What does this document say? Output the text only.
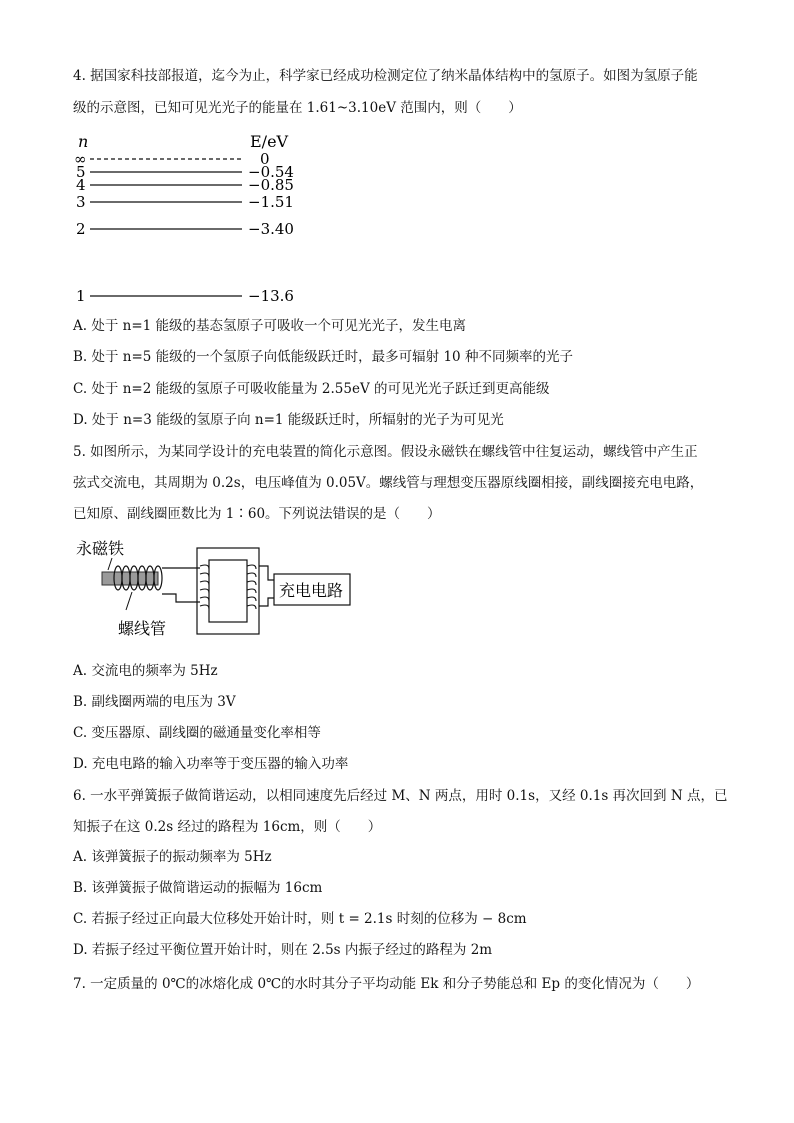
4. 据国家科技部报道，迄今为止，科学家已经成功检测定位了纳米晶体结构中的氢原子。如图为氢原子能
级的示意图，已知可见光光子的能量在 1.61~3.10eV 范围内，则（　　）
n	E/eV
∞	0
5	−0.54
4	−0.85
3	−1.51
2	−3.40
1	−13.6
A. 处于 n=1 能级的基态氢原子可吸收一个可见光光子，发生电离
B. 处于 n=5 能级的一个氢原子向低能级跃迁时，最多可辐射 10 种不同频率的光子
C. 处于 n=2 能级的氢原子可吸收能量为 2.55eV 的可见光光子跃迁到更高能级
D. 处于 n=3 能级的氢原子向 n=1 能级跃迁时，所辐射的光子为可见光
5. 如图所示，为某同学设计的充电装置的简化示意图。假设永磁铁在螺线管中往复运动，螺线管中产生正
弦式交流电，其周期为 0.2s，电压峰值为 0.05V。螺线管与理想变压器原线圈相接，副线圈接充电电路，
已知原、副线圈匝数比为 1∶60。下列说法错误的是（　　）
永磁铁
螺线管
充电电路
A. 交流电的频率为 5Hz
B. 副线圈两端的电压为 3V
C. 变压器原、副线圈的磁通量变化率相等
D. 充电电路的输入功率等于变压器的输入功率
6. 一水平弹簧振子做简谐运动，以相同速度先后经过 M、N 两点，用时 0.1s，又经 0.1s 再次回到 N 点，已
知振子在这 0.2s 经过的路程为 16cm，则（　　）
A. 该弹簧振子的振动频率为 5Hz
B. 该弹簧振子做简谐运动的振幅为 16cm
C. 若振子经过正向最大位移处开始计时，则 t = 2.1s 时刻的位移为 − 8cm
D. 若振子经过平衡位置开始计时，则在 2.5s 内振子经过的路程为 2m
7. 一定质量的 0℃的冰熔化成 0℃的水时其分子平均动能 Ek 和分子势能总和 Ep 的变化情况为（　　）
